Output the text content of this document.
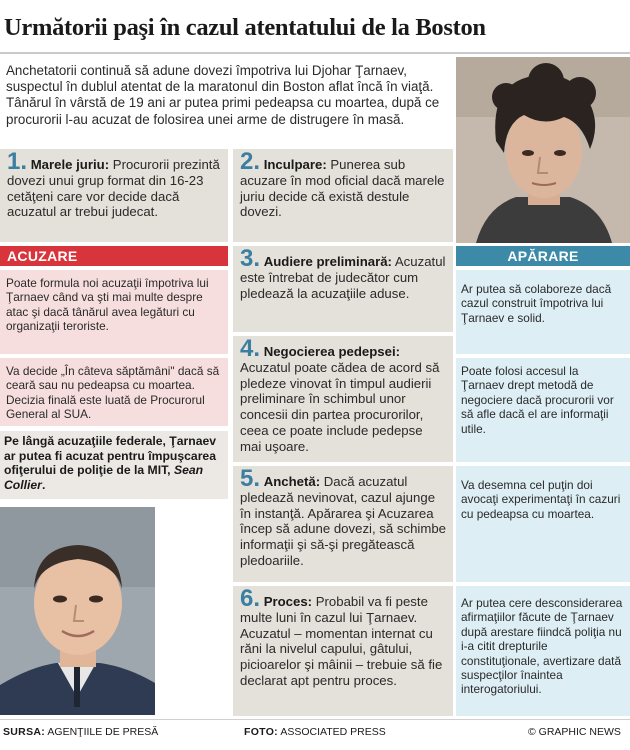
Următorii paşi în cazul atentatului de la Boston
Anchetatorii continuă să adune dovezi împotriva lui Djohar Ţarnaev, suspectul în dublul atentat de la maratonul din Boston aflat încă în viaţă. Tânărul în vârstă de 19 ani ar putea primi pedeapsa cu moartea, după ce procurorii l-au acuzat de folosirea unei arme de distrugere în masă.
1. Marele juriu: Procurorii prezintă dovezi unui grup format din 16-23 cetăţeni care vor decide dacă acuzatul ar trebui judecat.
2. Inculpare: Punerea sub acuzare în mod oficial dacă marele juriu decide că există destule dovezi.
ACUZARE	APĂRARE
3. Audiere preliminară: Acuzatul este întrebat de judecător cum pledează la acuzaţiile aduse.
4. Negocierea pedepsei: Acuzatul poate cădea de acord să pledeze vinovat în timpul audierii preliminare în schimbul unor concesii din partea procurorilor, ceea ce poate include pedepse mai uşoare.
5. Anchetă: Dacă acuzatul pledează nevinovat, cazul ajunge în instanţă. Apărarea şi Acuzarea încep să adune dovezi, să schimbe informaţii şi să-şi pregătească pledoariile.
6. Proces: Probabil va fi peste multe luni în cazul lui Ţarnaev. Acuzatul – momentan internat cu răni la nivelul capului, gâtului, picioarelor şi mâinii – trebuie să fie declarat apt pentru proces.
Poate formula noi acuzaţii împotriva lui Ţarnaev când va şti mai multe despre atac şi dacă tânărul avea legături cu organizaţii teroriste.
Va decide „În câteva săptămâni" dacă să ceară sau nu pedeapsa cu moartea. Decizia finală este luată de Procurorul General al SUA.
Pe lângă acuzaţiile federale, Ţarnaev ar putea fi acuzat pentru împuşcarea ofiţerului de poliţie de la MIT, Sean Collier.
Ar putea să colaboreze dacă cazul construit împotriva lui Ţarnaev e solid.
Poate folosi accesul la Ţarnaev drept metodă de negociere dacă procurorii vor să afle dacă el are informaţii utile.
Va desemna cel puţin doi avocaţi experimentaţi în cazuri cu pedeapsa cu moartea.
Ar putea cere desconsiderarea afirmaţiilor făcute de Ţarnaev după arestare fiindcă poliţia nu i-a citit drepturile constituţionale, avertizare dată suspecţilor înaintea interogatoriului.
SURSA: AGENŢIILE DE PRESĂ	FOTO: ASSOCIATED PRESS	© GRAPHIC NEWS
